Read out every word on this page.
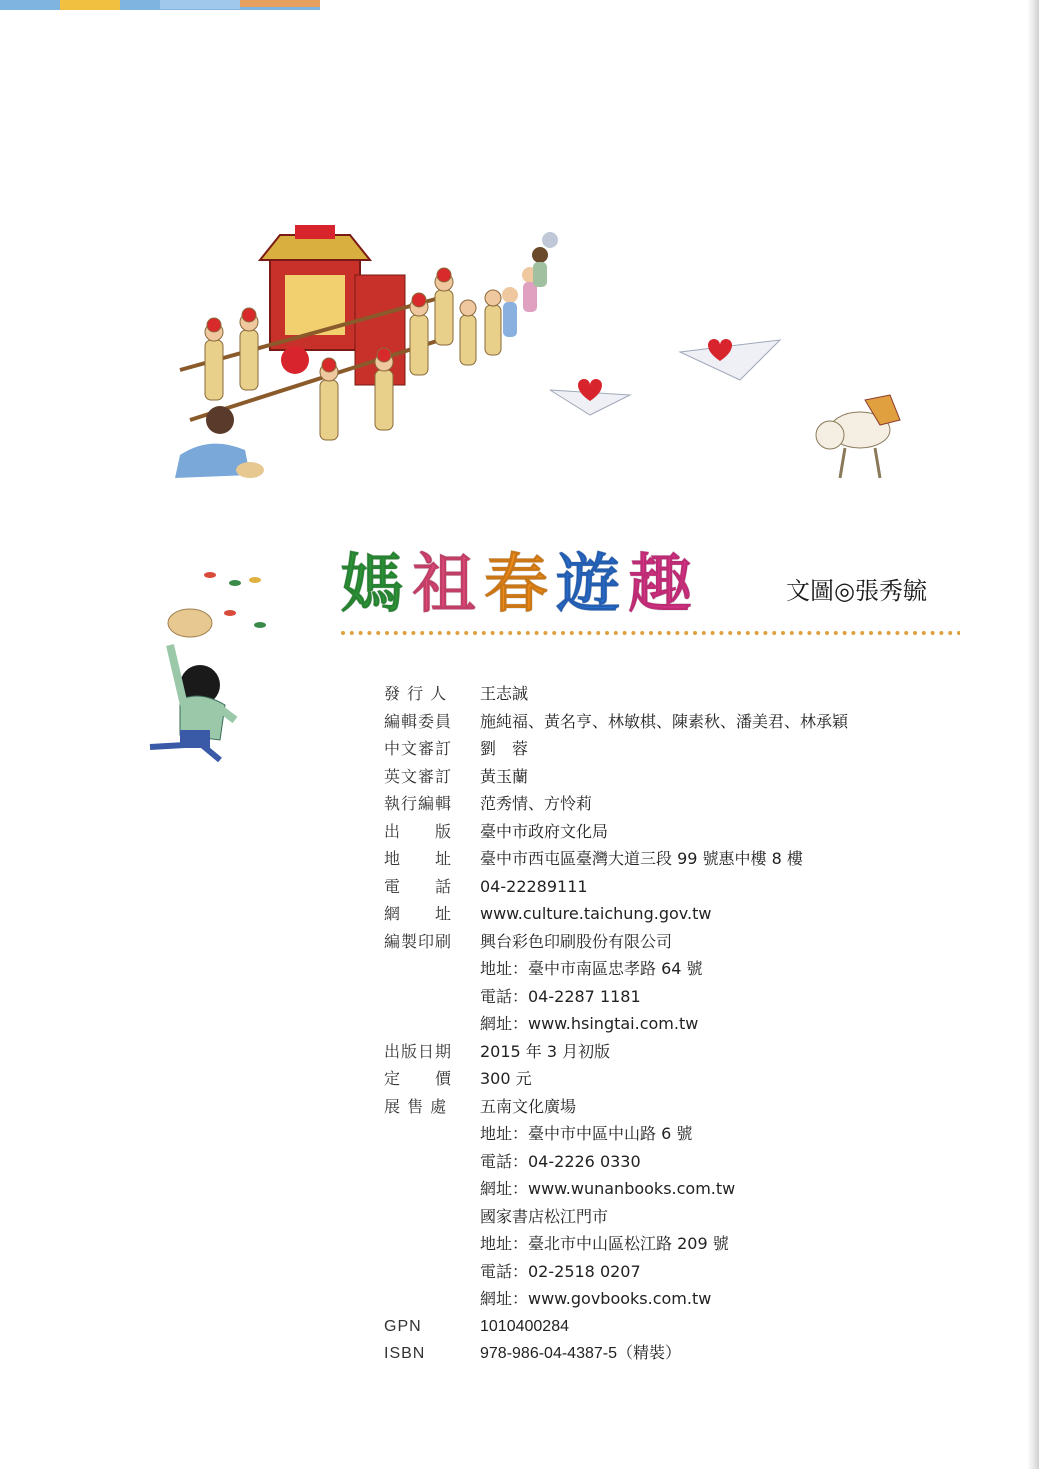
媽 祖 春 遊 趣	文圖◎張秀毓
發 行 人	王志誠
編輯委員	施純福、黃名亨、林敏棋、陳素秋、潘美君、林承穎
中文審訂	劉　蓉
英文審訂	黃玉蘭
執行編輯	范秀情、方怜莉
出　　版	臺中市政府文化局
地　　址	臺中市西屯區臺灣大道三段 99 號惠中樓 8 樓
電　　話	04-22289111
網　　址	www.culture.taichung.gov.tw
編製印刷	興台彩色印刷股份有限公司
地址：臺中市南區忠孝路 64 號
電話：04-2287 1181
網址：www.hsingtai.com.tw
出版日期	2015 年 3 月初版
定　　價	300 元
展 售 處	五南文化廣場
地址：臺中市中區中山路 6 號
電話：04-2226 0330
網址：www.wunanbooks.com.tw
國家書店松江門市
地址：臺北市中山區松江路 209 號
電話：02-2518 0207
網址：www.govbooks.com.tw
GPN	1010400284
ISBN	978-986-04-4387-5（精裝）
